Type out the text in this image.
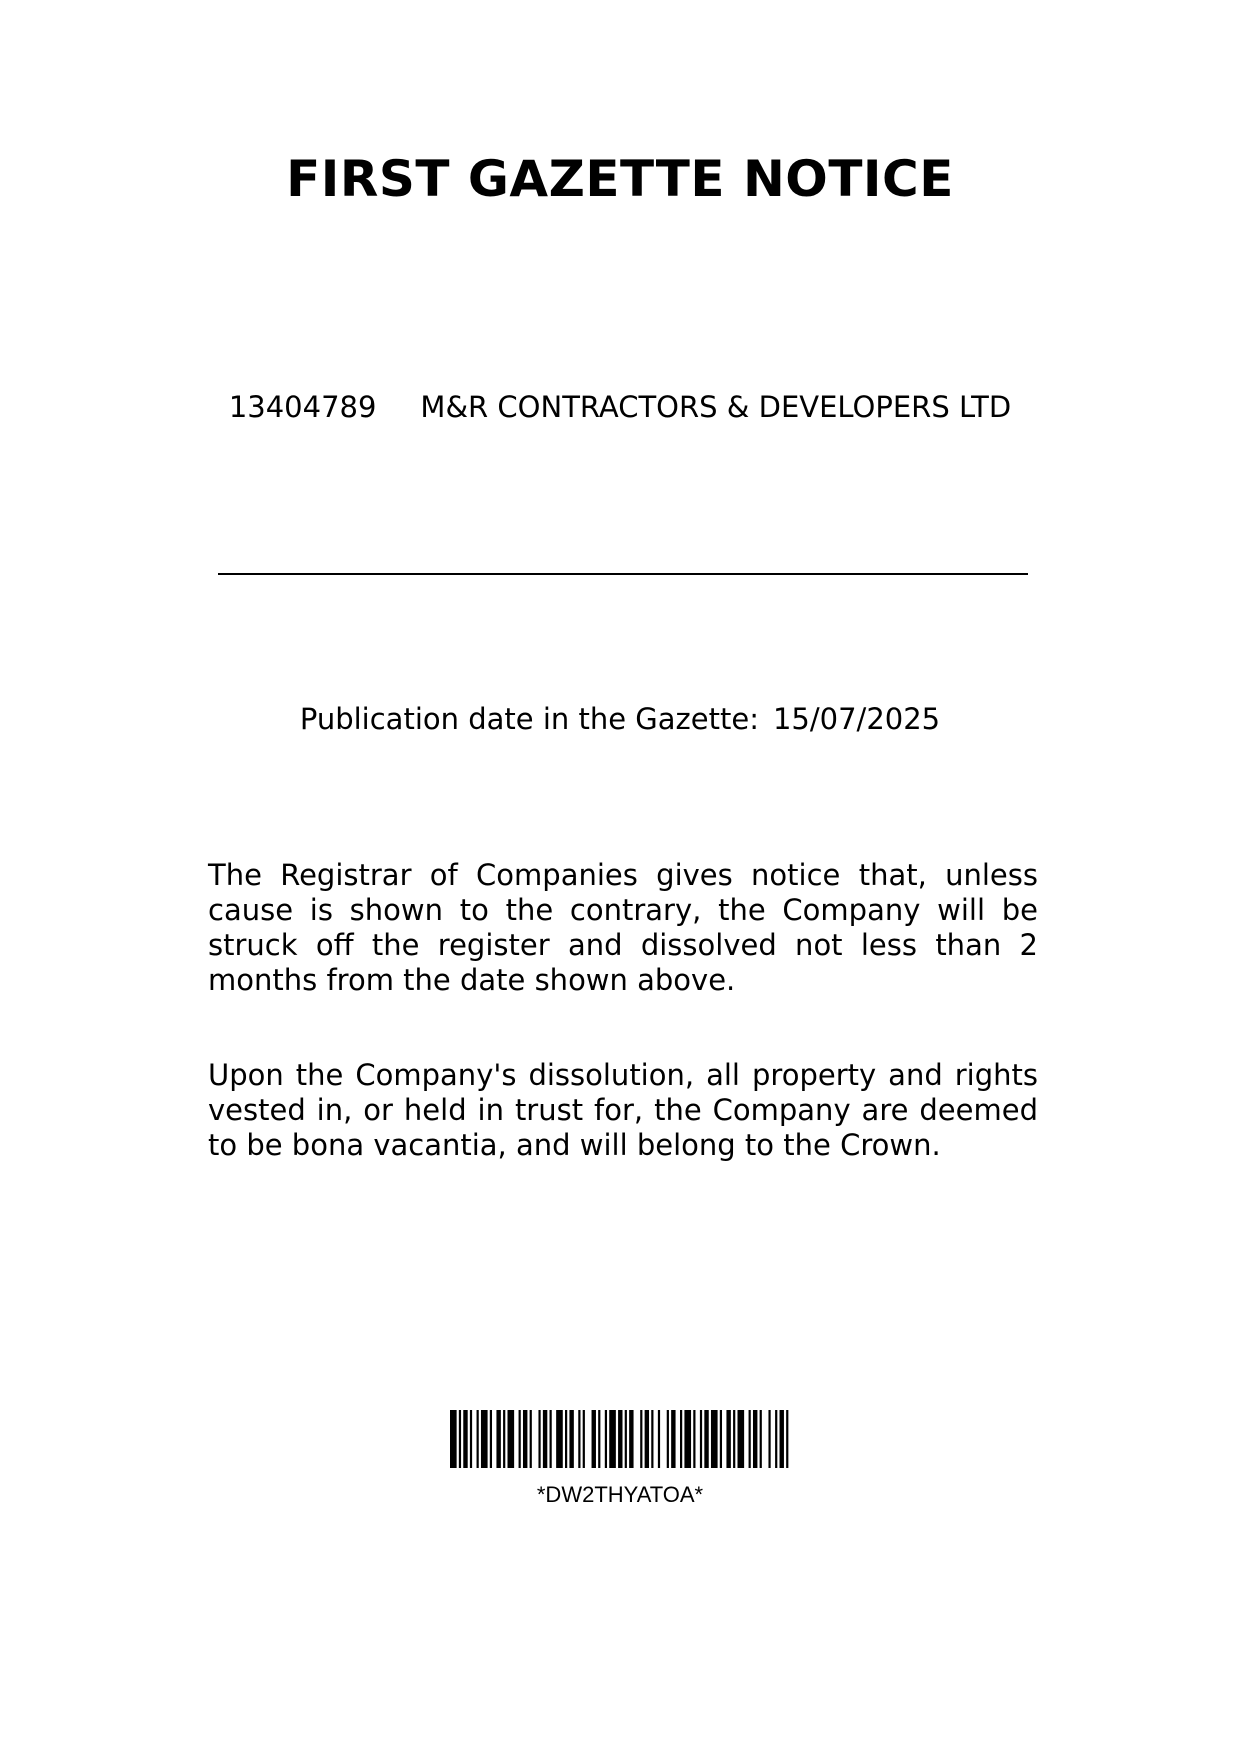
FIRST GAZETTE NOTICE
13404789 M&R CONTRACTORS & DEVELOPERS LTD
Publication date in the Gazette: 15/07/2025
The Registrar of Companies gives notice that, unless cause is shown to the contrary, the Company will be struck off the register and dissolved not less than 2 months from the date shown above.
Upon the Company's dissolution, all property and rights vested in, or held in trust for, the Company are deemed to be bona vacantia, and will belong to the Crown.
*DW2THYATOA*
